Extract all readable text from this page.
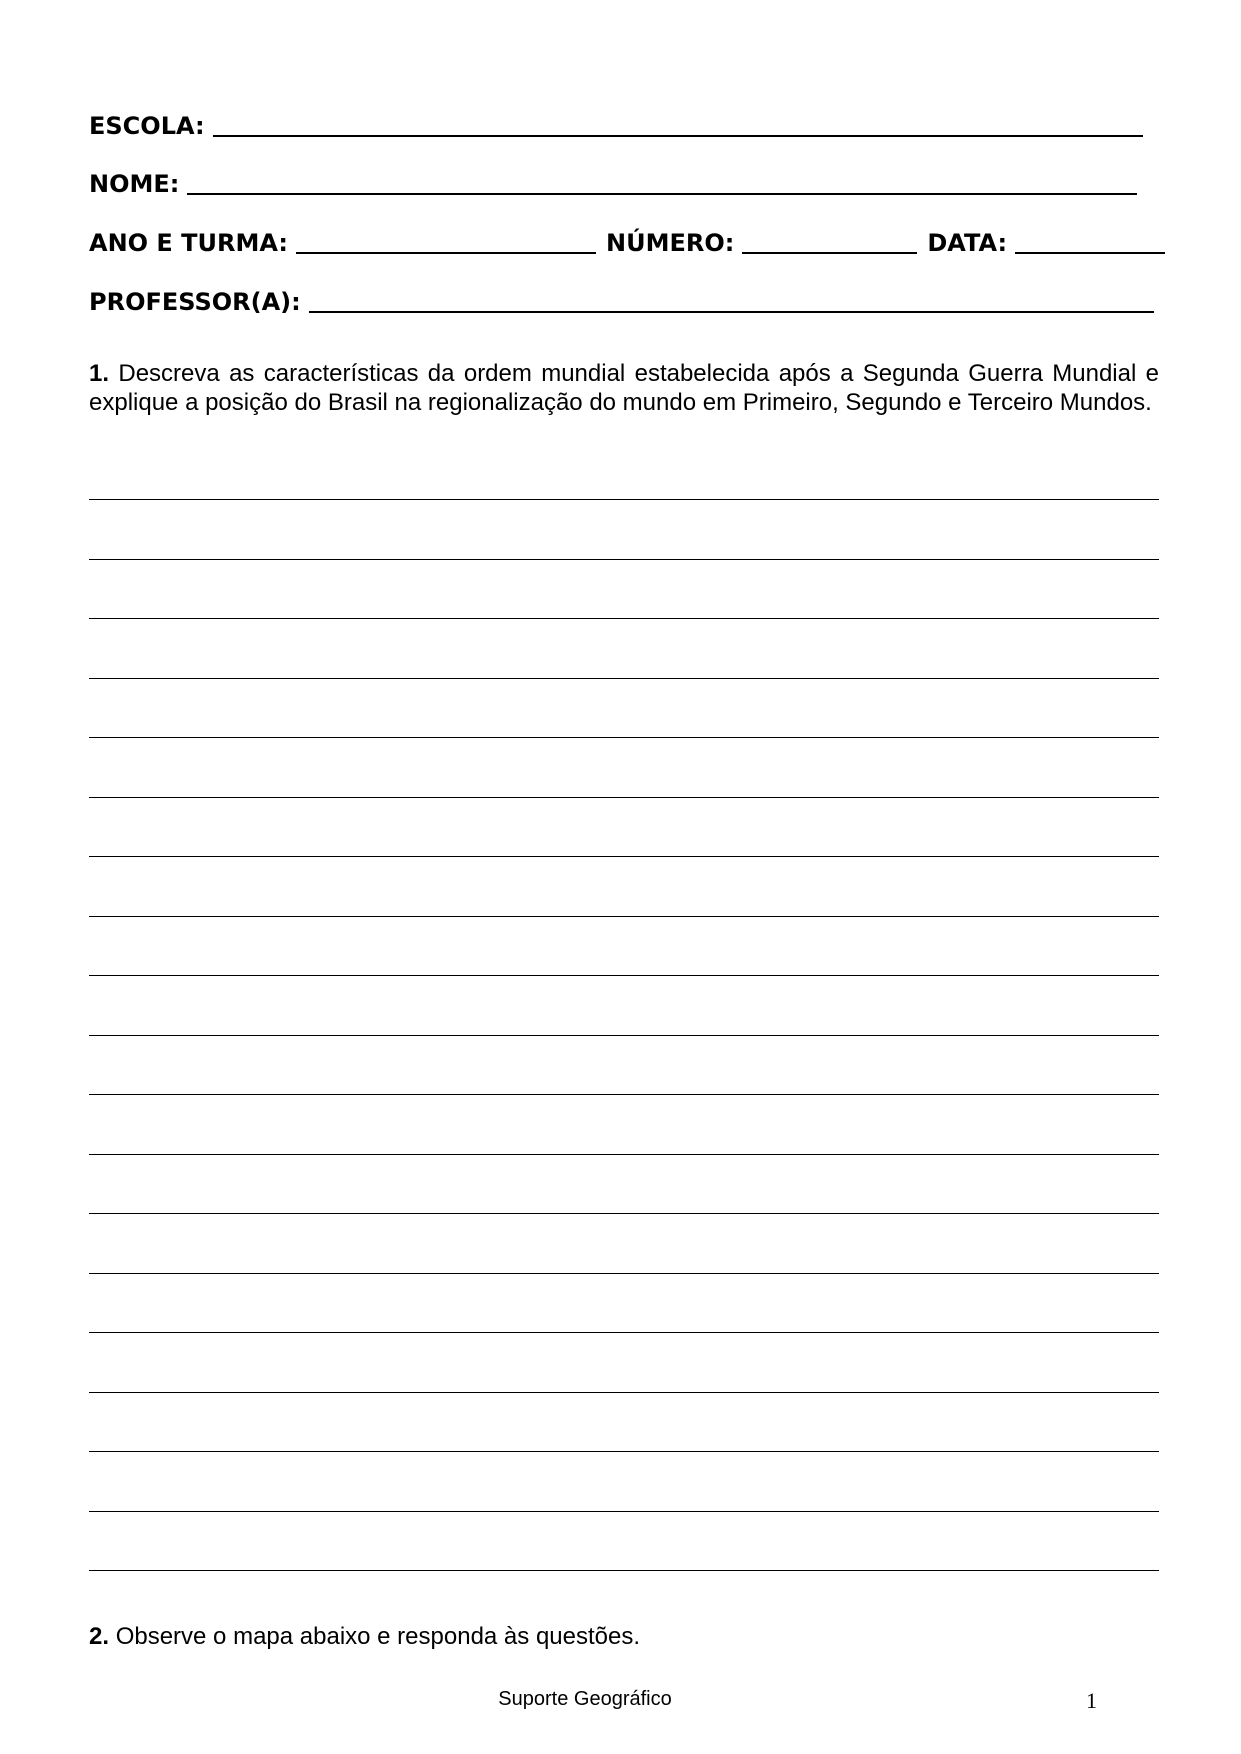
ESCOLA:
NOME:
ANO E TURMA:	NÚMERO:	DATA:
PROFESSOR(A):
1. Descreva as características da ordem mundial estabelecida após a Segunda Guerra Mundial e explique a posição do Brasil na regionalização do mundo em Primeiro, Segundo e Terceiro Mundos.
2. Observe o mapa abaixo e responda às questões.
Suporte Geográfico	1
